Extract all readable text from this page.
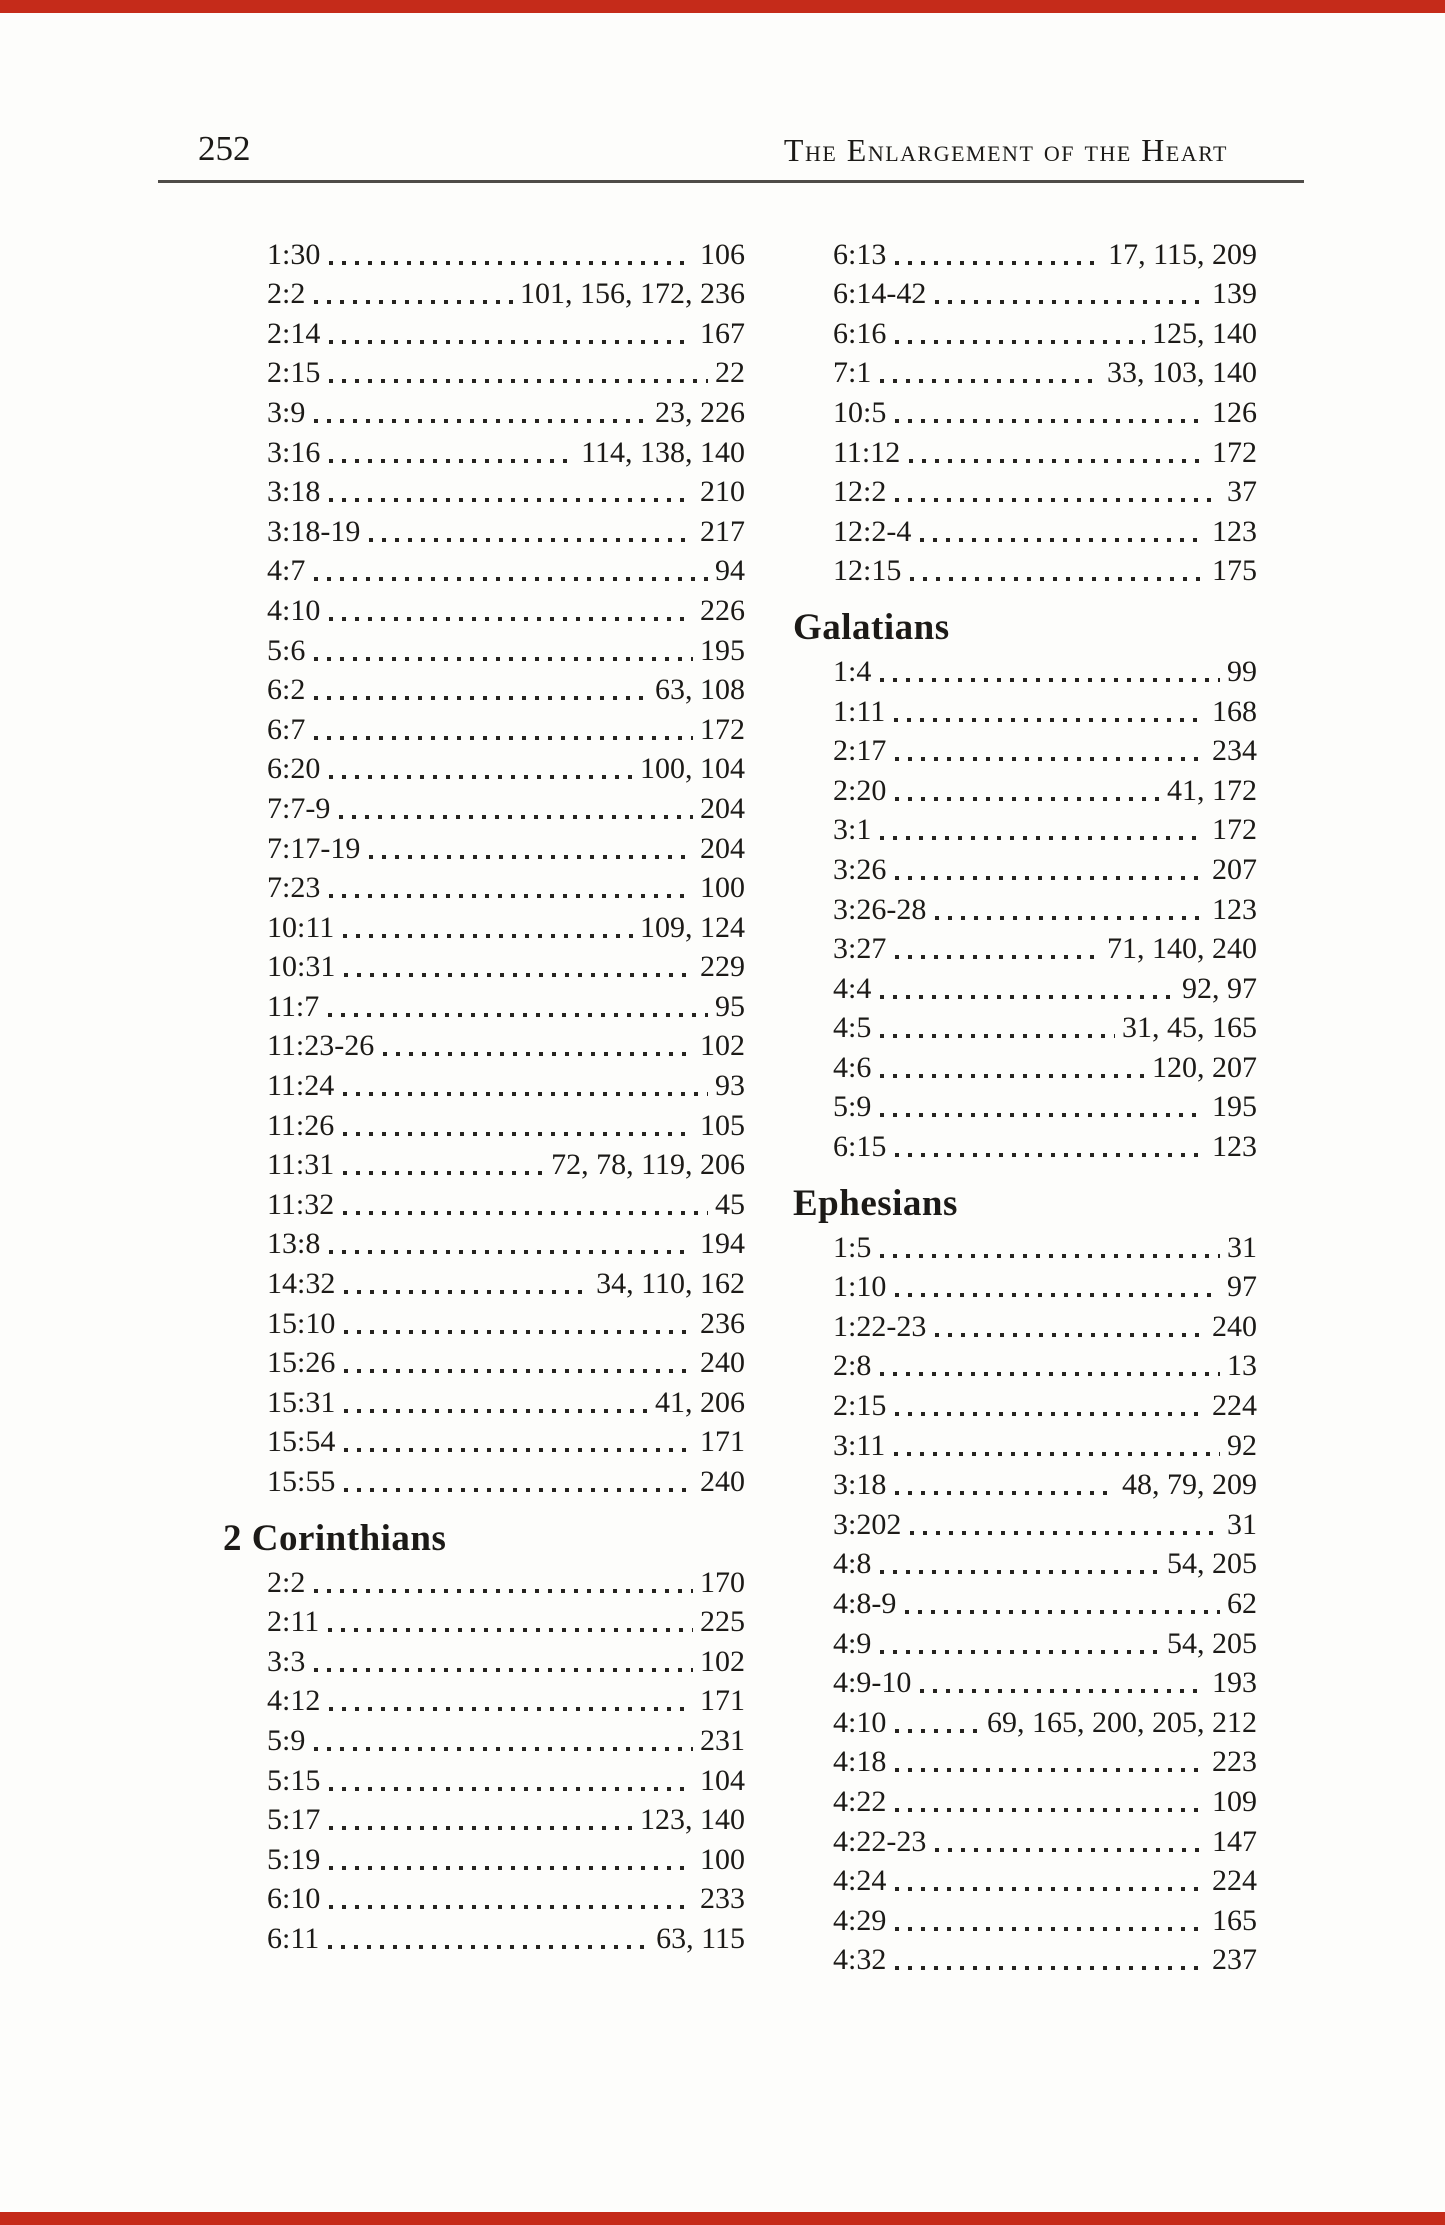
252	The Enlargement of the Heart
1:30	106
2:2	101, 156, 172, 236
2:14	167
2:15	22
3:9	23, 226
3:16	114, 138, 140
3:18	210
3:18-19	217
4:7	94
4:10	226
5:6	195
6:2	63, 108
6:7	172
6:20	100, 104
7:7-9	204
7:17-19	204
7:23	100
10:11	109, 124
10:31	229
11:7	95
11:23-26	102
11:24	93
11:26	105
11:31	72, 78, 119, 206
11:32	45
13:8	194
14:32	34, 110, 162
15:10	236
15:26	240
15:31	41, 206
15:54	171
15:55	240
2 Corinthians
2:2	170
2:11	225
3:3	102
4:12	171
5:9	231
5:15	104
5:17	123, 140
5:19	100
6:10	233
6:11	63, 115
6:13	17, 115, 209
6:14-42	139
6:16	125, 140
7:1	33, 103, 140
10:5	126
11:12	172
12:2	37
12:2-4	123
12:15	175
Galatians
1:4	99
1:11	168
2:17	234
2:20	41, 172
3:1	172
3:26	207
3:26-28	123
3:27	71, 140, 240
4:4	92, 97
4:5	31, 45, 165
4:6	120, 207
5:9	195
6:15	123
Ephesians
1:5	31
1:10	97
1:22-23	240
2:8	13
2:15	224
3:11	92
3:18	48, 79, 209
3:202	31
4:8	54, 205
4:8-9	62
4:9	54, 205
4:9-10	193
4:10	69, 165, 200, 205, 212
4:18	223
4:22	109
4:22-23	147
4:24	224
4:29	165
4:32	237
